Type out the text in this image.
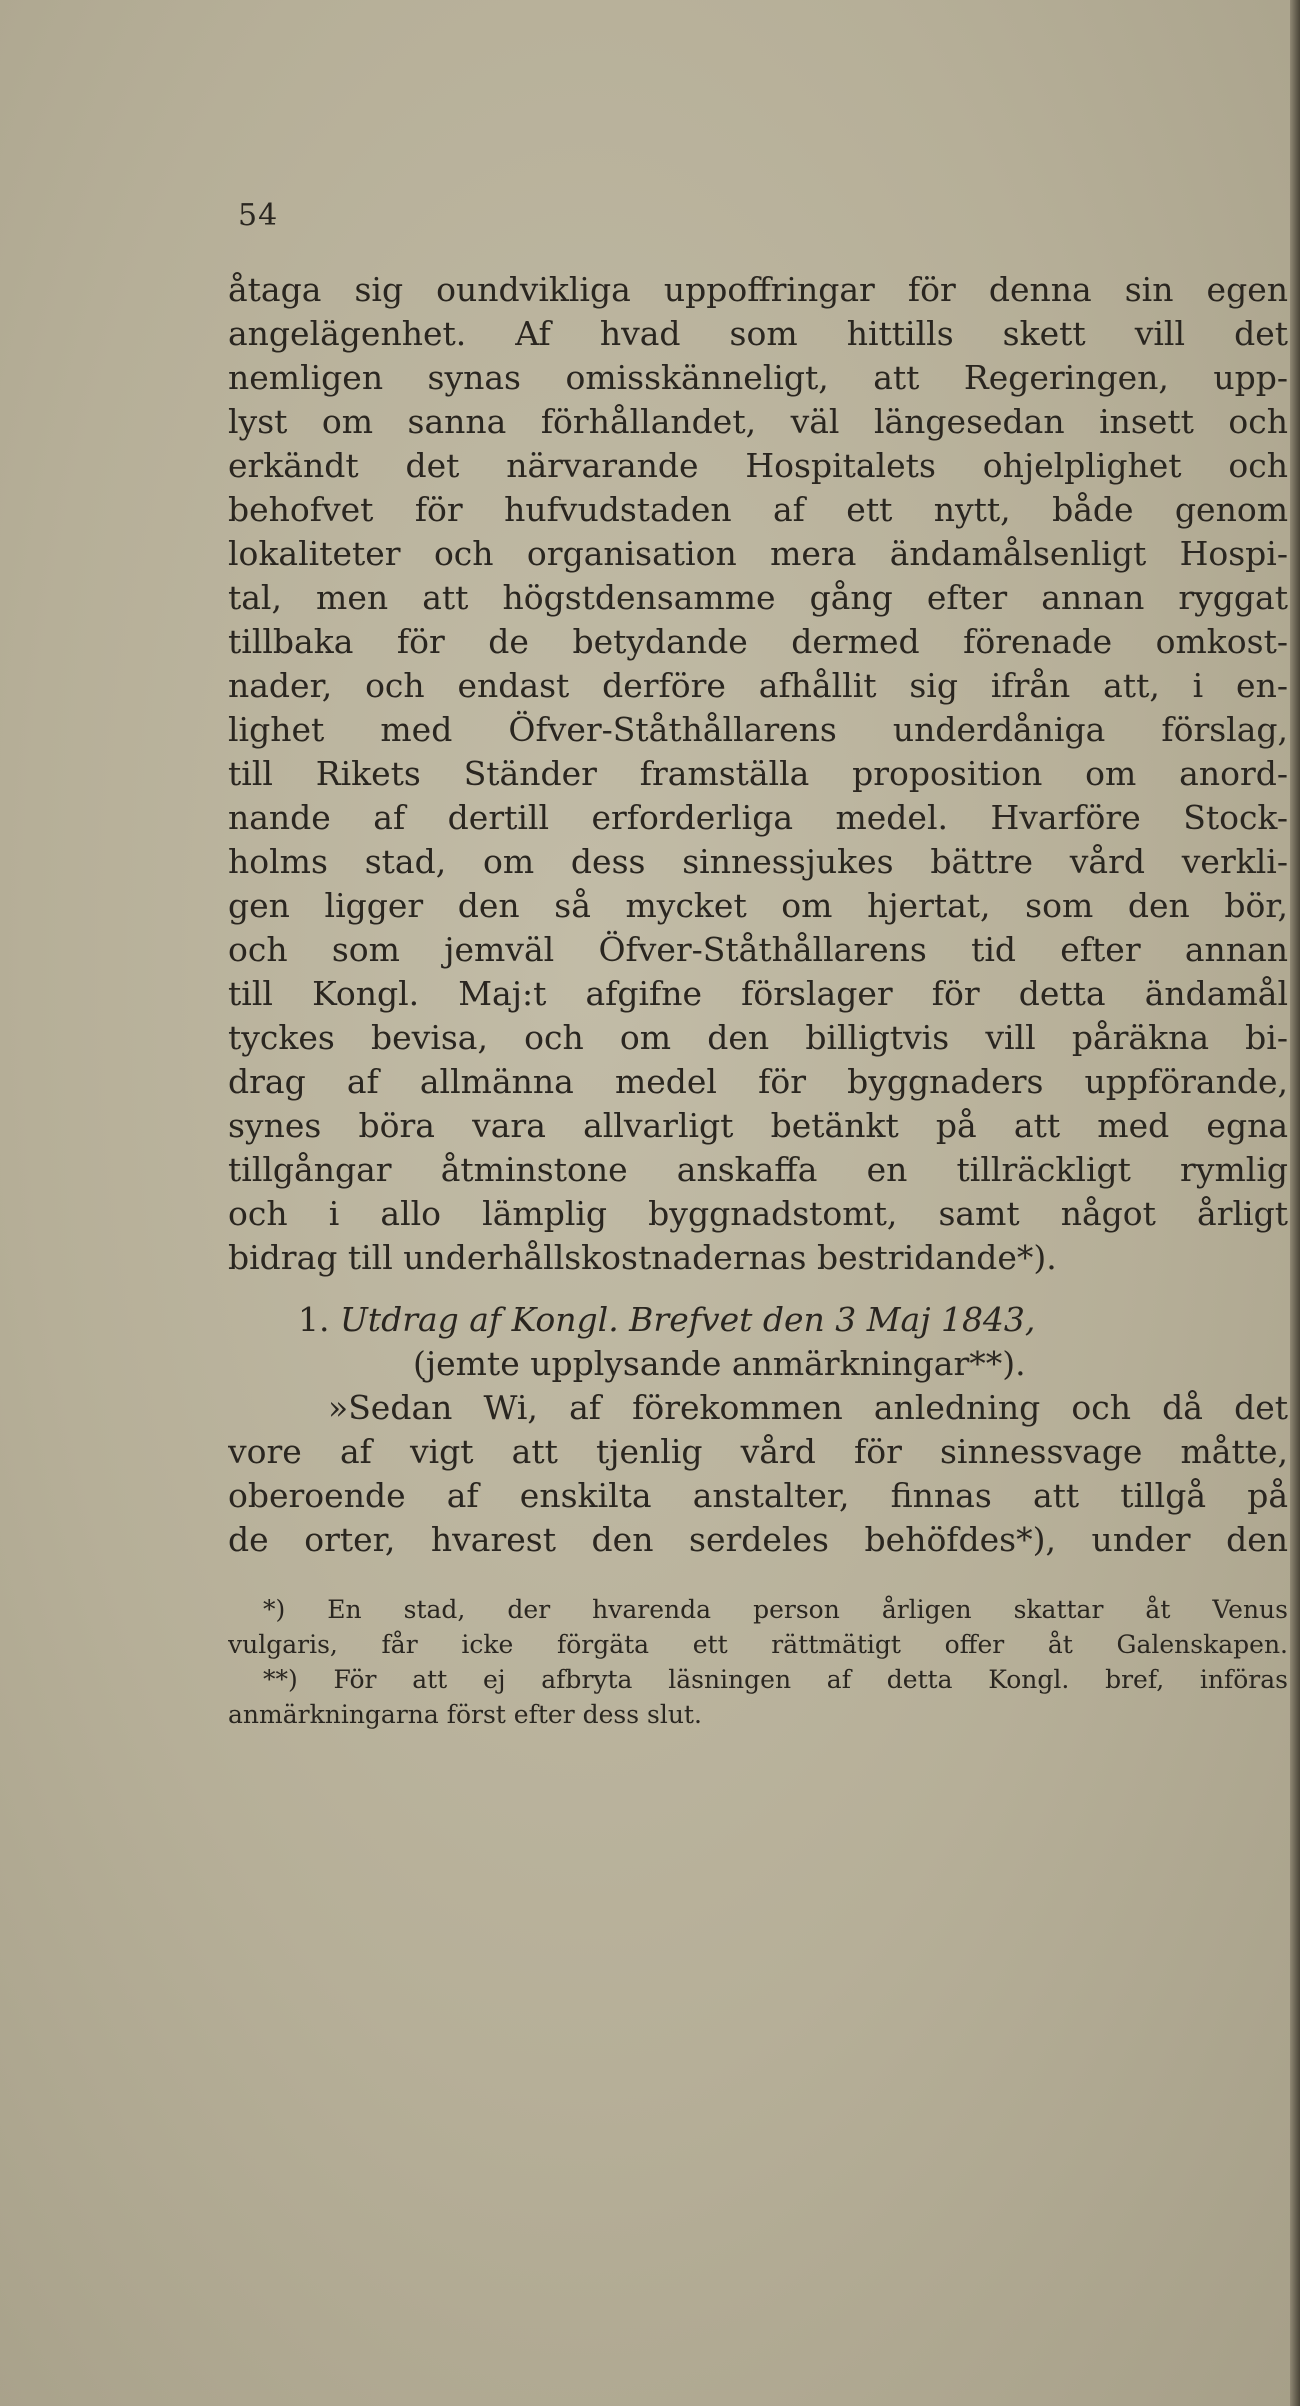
54
åtaga sig oundvikliga uppoffringar för denna sin egen
angelägenhet. Af hvad som hittills skett vill det
nemligen synas omisskänneligt, att Regeringen, upp-
lyst om sanna förhållandet, väl längesedan insett och
erkändt det närvarande Hospitalets ohjelplighet och
behofvet för hufvudstaden af ett nytt, både genom
lokaliteter och organisation mera ändamålsenligt Hospi-
tal, men att högstdensamme gång efter annan ryggat
tillbaka för de betydande dermed förenade omkost-
nader, och endast derföre afhållit sig ifrån att, i en-
lighet med Öfver-Ståthållarens underdåniga förslag,
till Rikets Ständer framställa proposition om anord-
nande af dertill erforderliga medel. Hvarföre Stock-
holms stad, om dess sinnessjukes bättre vård verkli-
gen ligger den så mycket om hjertat, som den bör,
och som jemväl Öfver-Ståthållarens tid efter annan
till Kongl. Maj:t afgifne förslager för detta ändamål
tyckes bevisa, och om den billigtvis vill påräkna bi-
drag af allmänna medel för byggnaders uppförande,
synes böra vara allvarligt betänkt på att med egna
tillgångar åtminstone anskaffa en tillräckligt rymlig
och i allo lämplig byggnadstomt, samt något årligt
bidrag till underhållskostnadernas bestridande*).
1. Utdrag af Kongl. Brefvet den 3 Maj 1843,
(jemte upplysande anmärkningar**).
»Sedan Wi, af förekommen anledning och då det
vore af vigt att tjenlig vård för sinnessvage måtte,
oberoende af enskilta anstalter, finnas att tillgå på
de orter, hvarest den serdeles behöfdes*), under den
*) En stad, der hvarenda person årligen skattar åt Venus
vulgaris, får icke förgäta ett rättmätigt offer åt Galenskapen.
**) För att ej afbryta läsningen af detta Kongl. bref, införas
anmärkningarna först efter dess slut.
